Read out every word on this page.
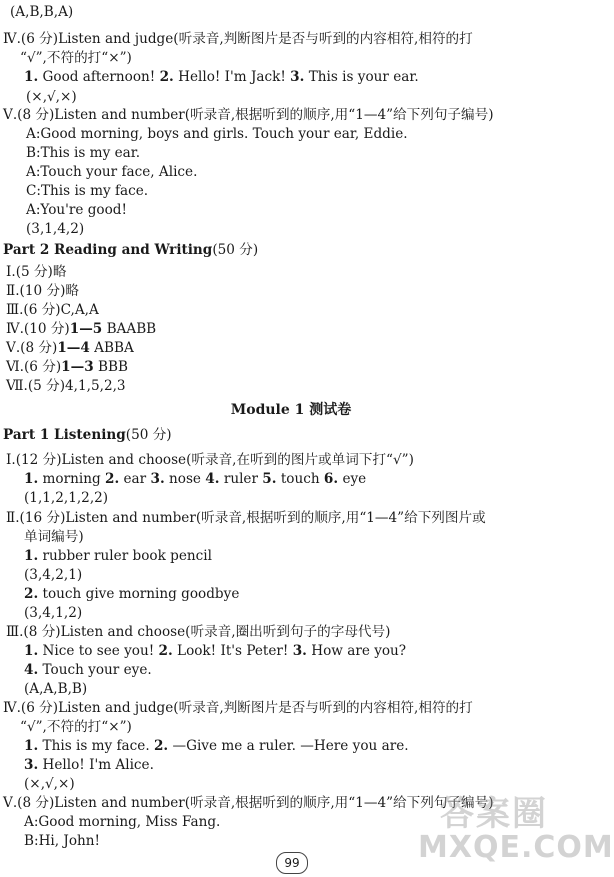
(A,B,B,A)
Ⅳ.(6 分)Listen and judge(听录音,判断图片是否与听到的内容相符,相符的打
“√”,不符的打“×”)
1. Good afternoon! 2. Hello! I'm Jack! 3. This is your ear.
(×,√,×)
Ⅴ.(8 分)Listen and number(听录音,根据听到的顺序,用“1—4”给下列句子编号)
A:Good morning, boys and girls. Touch your ear, Eddie.
B:This is my ear.
A:Touch your face, Alice.
C:This is my face.
A:You're good!
(3,1,4,2)
Part 2 Reading and Writing(50 分)
Ⅰ.(5 分)略
Ⅱ.(10 分)略
Ⅲ.(6 分)C,A,A
Ⅳ.(10 分)1—5 BAABB
Ⅴ.(8 分)1—4 ABBA
Ⅵ.(6 分)1—3 BBB
Ⅶ.(5 分)4,1,5,2,3
Module 1 测试卷
Part 1 Listening(50 分)
Ⅰ.(12 分)Listen and choose(听录音,在听到的图片或单词下打“√”)
1. morning 2. ear 3. nose 4. ruler 5. touch 6. eye
(1,1,2,1,2,2)
Ⅱ.(16 分)Listen and number(听录音,根据听到的顺序,用“1—4”给下列图片或
单词编号)
1. rubber ruler book pencil
(3,4,2,1)
2. touch give morning goodbye
(3,4,1,2)
Ⅲ.(8 分)Listen and choose(听录音,圈出听到句子的字母代号)
1. Nice to see you! 2. Look! It's Peter! 3. How are you?
4. Touch your eye.
(A,A,B,B)
Ⅳ.(6 分)Listen and judge(听录音,判断图片是否与听到的内容相符,相符的打
“√”,不符的打“×”)
1. This is my face. 2. —Give me a ruler. —Here you are.
3. Hello! I'm Alice.
(×,√,×)
Ⅴ.(8 分)Listen and number(听录音,根据听到的顺序,用“1—4”给下列句子编号)
A:Good morning, Miss Fang.
B:Hi, John!
99
答案圈
MXQE.COM
